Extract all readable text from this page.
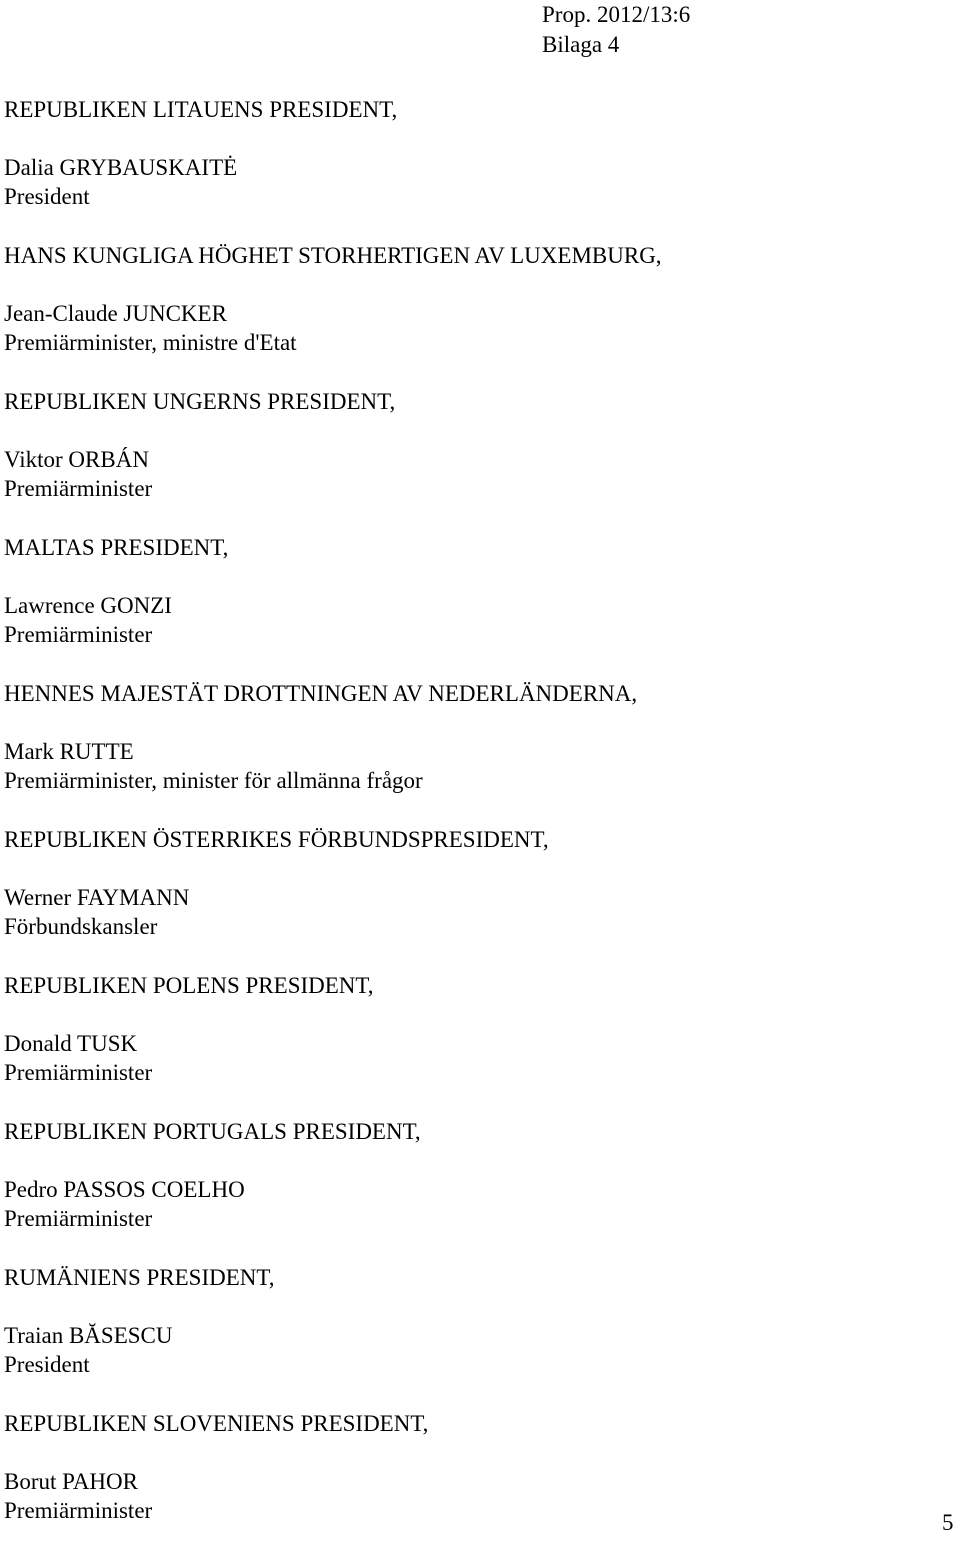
Prop. 2012/13:6
Bilaga 4
REPUBLIKEN LITAUENS PRESIDENT,
Dalia GRYBAUSKAITĖ
President
HANS KUNGLIGA HÖGHET STORHERTIGEN AV LUXEMBURG,
Jean-Claude JUNCKER
Premiärminister, ministre d'Etat
REPUBLIKEN UNGERNS PRESIDENT,
Viktor ORBÁN
Premiärminister
MALTAS PRESIDENT,
Lawrence GONZI
Premiärminister
HENNES MAJESTÄT DROTTNINGEN AV NEDERLÄNDERNA,
Mark RUTTE
Premiärminister, minister för allmänna frågor
REPUBLIKEN ÖSTERRIKES FÖRBUNDSPRESIDENT,
Werner FAYMANN
Förbundskansler
REPUBLIKEN POLENS PRESIDENT,
Donald TUSK
Premiärminister
REPUBLIKEN PORTUGALS PRESIDENT,
Pedro PASSOS COELHO
Premiärminister
RUMÄNIENS PRESIDENT,
Traian BĂSESCU
President
REPUBLIKEN SLOVENIENS PRESIDENT,
Borut PAHOR
Premiärminister	5
